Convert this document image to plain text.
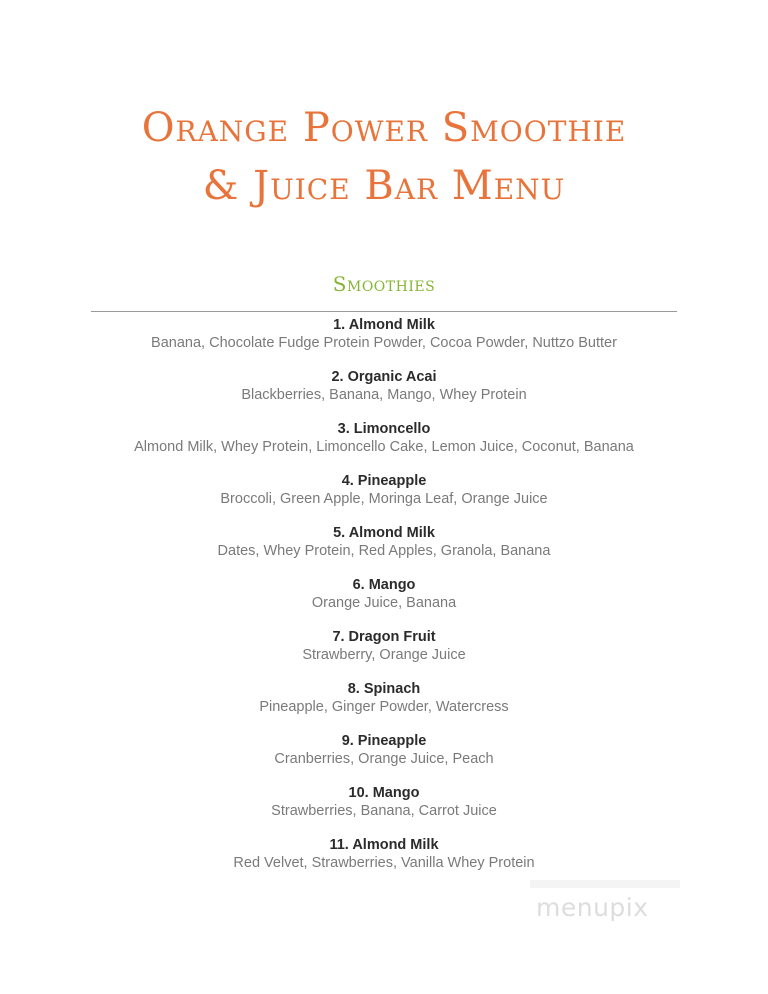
Orange Power Smoothie
& Juice Bar Menu
Smoothies
1. Almond Milk
Banana, Chocolate Fudge Protein Powder, Cocoa Powder, Nuttzo Butter
2. Organic Acai
Blackberries, Banana, Mango, Whey Protein
3. Limoncello
Almond Milk, Whey Protein, Limoncello Cake, Lemon Juice, Coconut, Banana
4. Pineapple
Broccoli, Green Apple, Moringa Leaf, Orange Juice
5. Almond Milk
Dates, Whey Protein, Red Apples, Granola, Banana
6. Mango
Orange Juice, Banana
7. Dragon Fruit
Strawberry, Orange Juice
8. Spinach
Pineapple, Ginger Powder, Watercress
9. Pineapple
Cranberries, Orange Juice, Peach
10. Mango
Strawberries, Banana, Carrot Juice
11. Almond Milk
Red Velvet, Strawberries, Vanilla Whey Protein
menupix
